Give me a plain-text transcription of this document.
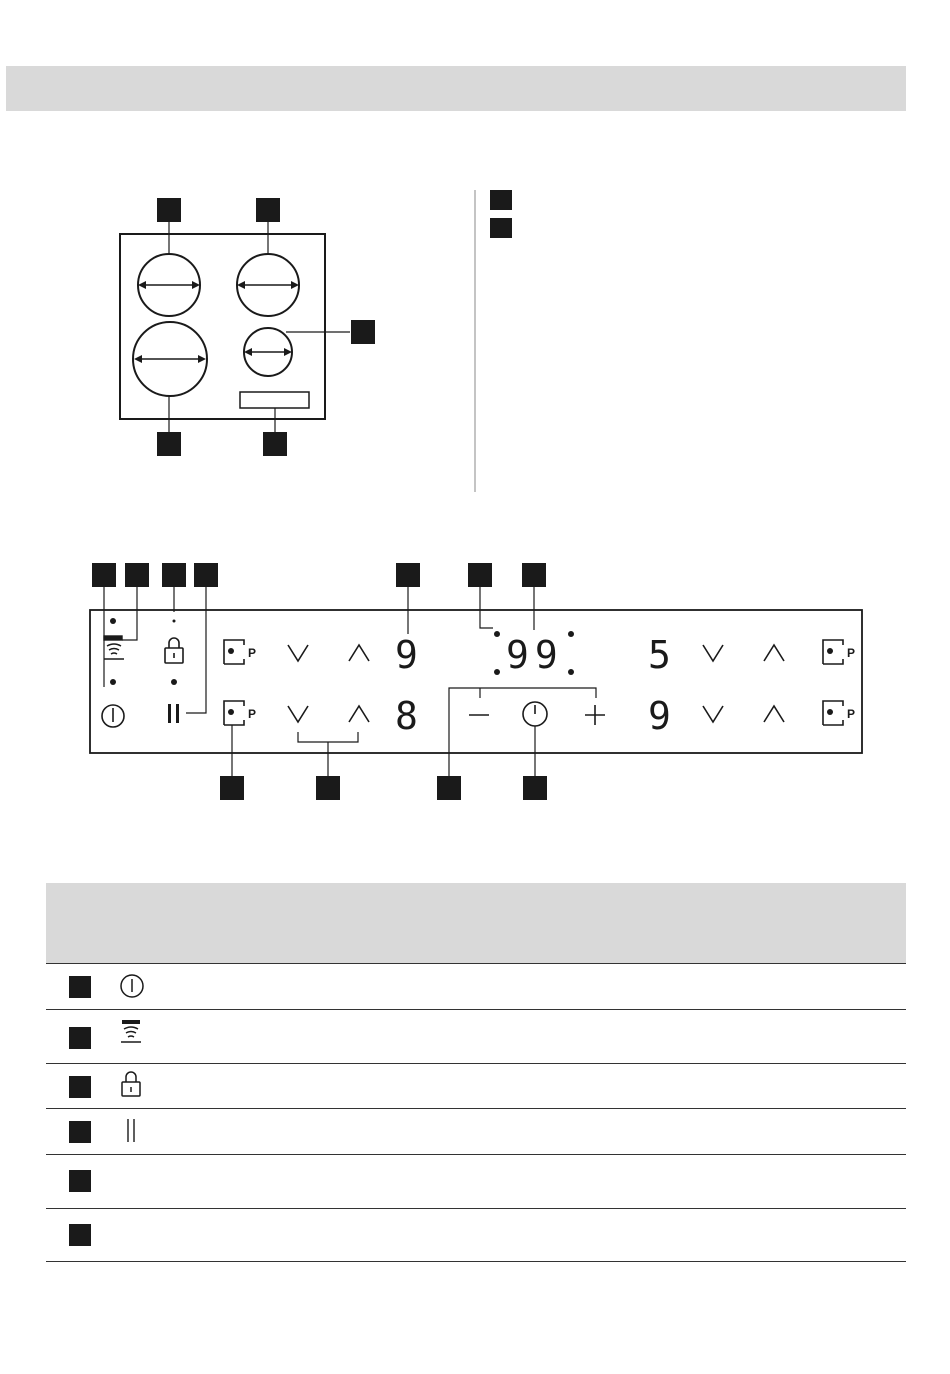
P
P
P
P
9
8
5
9
99
